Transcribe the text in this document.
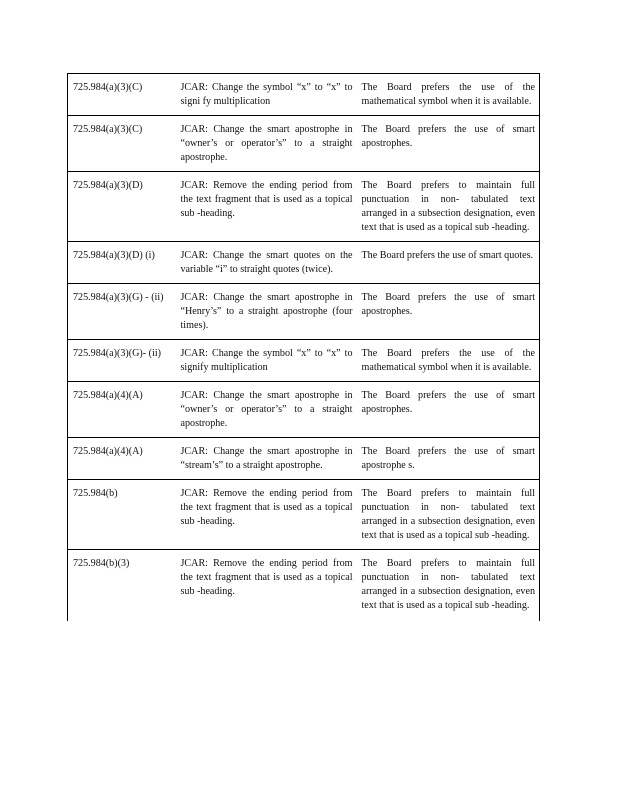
725.984(a)(3)(C)	JCAR: Change the symbol “x” to “x” to signi fy multiplication	The Board prefers the use of the mathematical symbol when it is available.
725.984(a)(3)(C)	JCAR: Change the smart apostrophe in “owner’s or operator’s” to a straight apostrophe.	The Board prefers the use of smart apostrophes.
725.984(a)(3)(D)	JCAR: Remove the ending period from the text fragment that is used as a topical sub -heading.	The Board prefers to maintain full punctuation in non- tabulated text arranged in a subsection designation, even text that is used as a topical sub -heading.
725.984(a)(3)(D) (i)	JCAR: Change the smart quotes on the variable “i” to straight quotes (twice).	The Board prefers the use of smart quotes.
725.984(a)(3)(G) - (ii)	JCAR: Change the smart apostrophe in “Henry’s” to a straight apostrophe (four times).	The Board prefers the use of smart apostrophes.
725.984(a)(3)(G)- (ii)	JCAR: Change the symbol “x” to “x” to signify multiplication	The Board prefers the use of the mathematical symbol when it is available.
725.984(a)(4)(A)	JCAR: Change the smart apostrophe in “owner’s or operator’s” to a straight apostrophe.	The Board prefers the use of smart apostrophes.
725.984(a)(4)(A)	JCAR: Change the smart apostrophe in “stream’s” to a straight apostrophe.	The Board prefers the use of smart apostrophe s.
725.984(b)	JCAR: Remove the ending period from the text fragment that is used as a topical sub -heading.	The Board prefers to maintain full punctuation in non- tabulated text arranged in a subsection designation, even text that is used as a topical sub -heading.
725.984(b)(3)	JCAR: Remove the ending period from the text fragment that is used as a topical sub -heading.	The Board prefers to maintain full punctuation in non- tabulated text arranged in a subsection designation, even text that is used as a topical sub -heading.
